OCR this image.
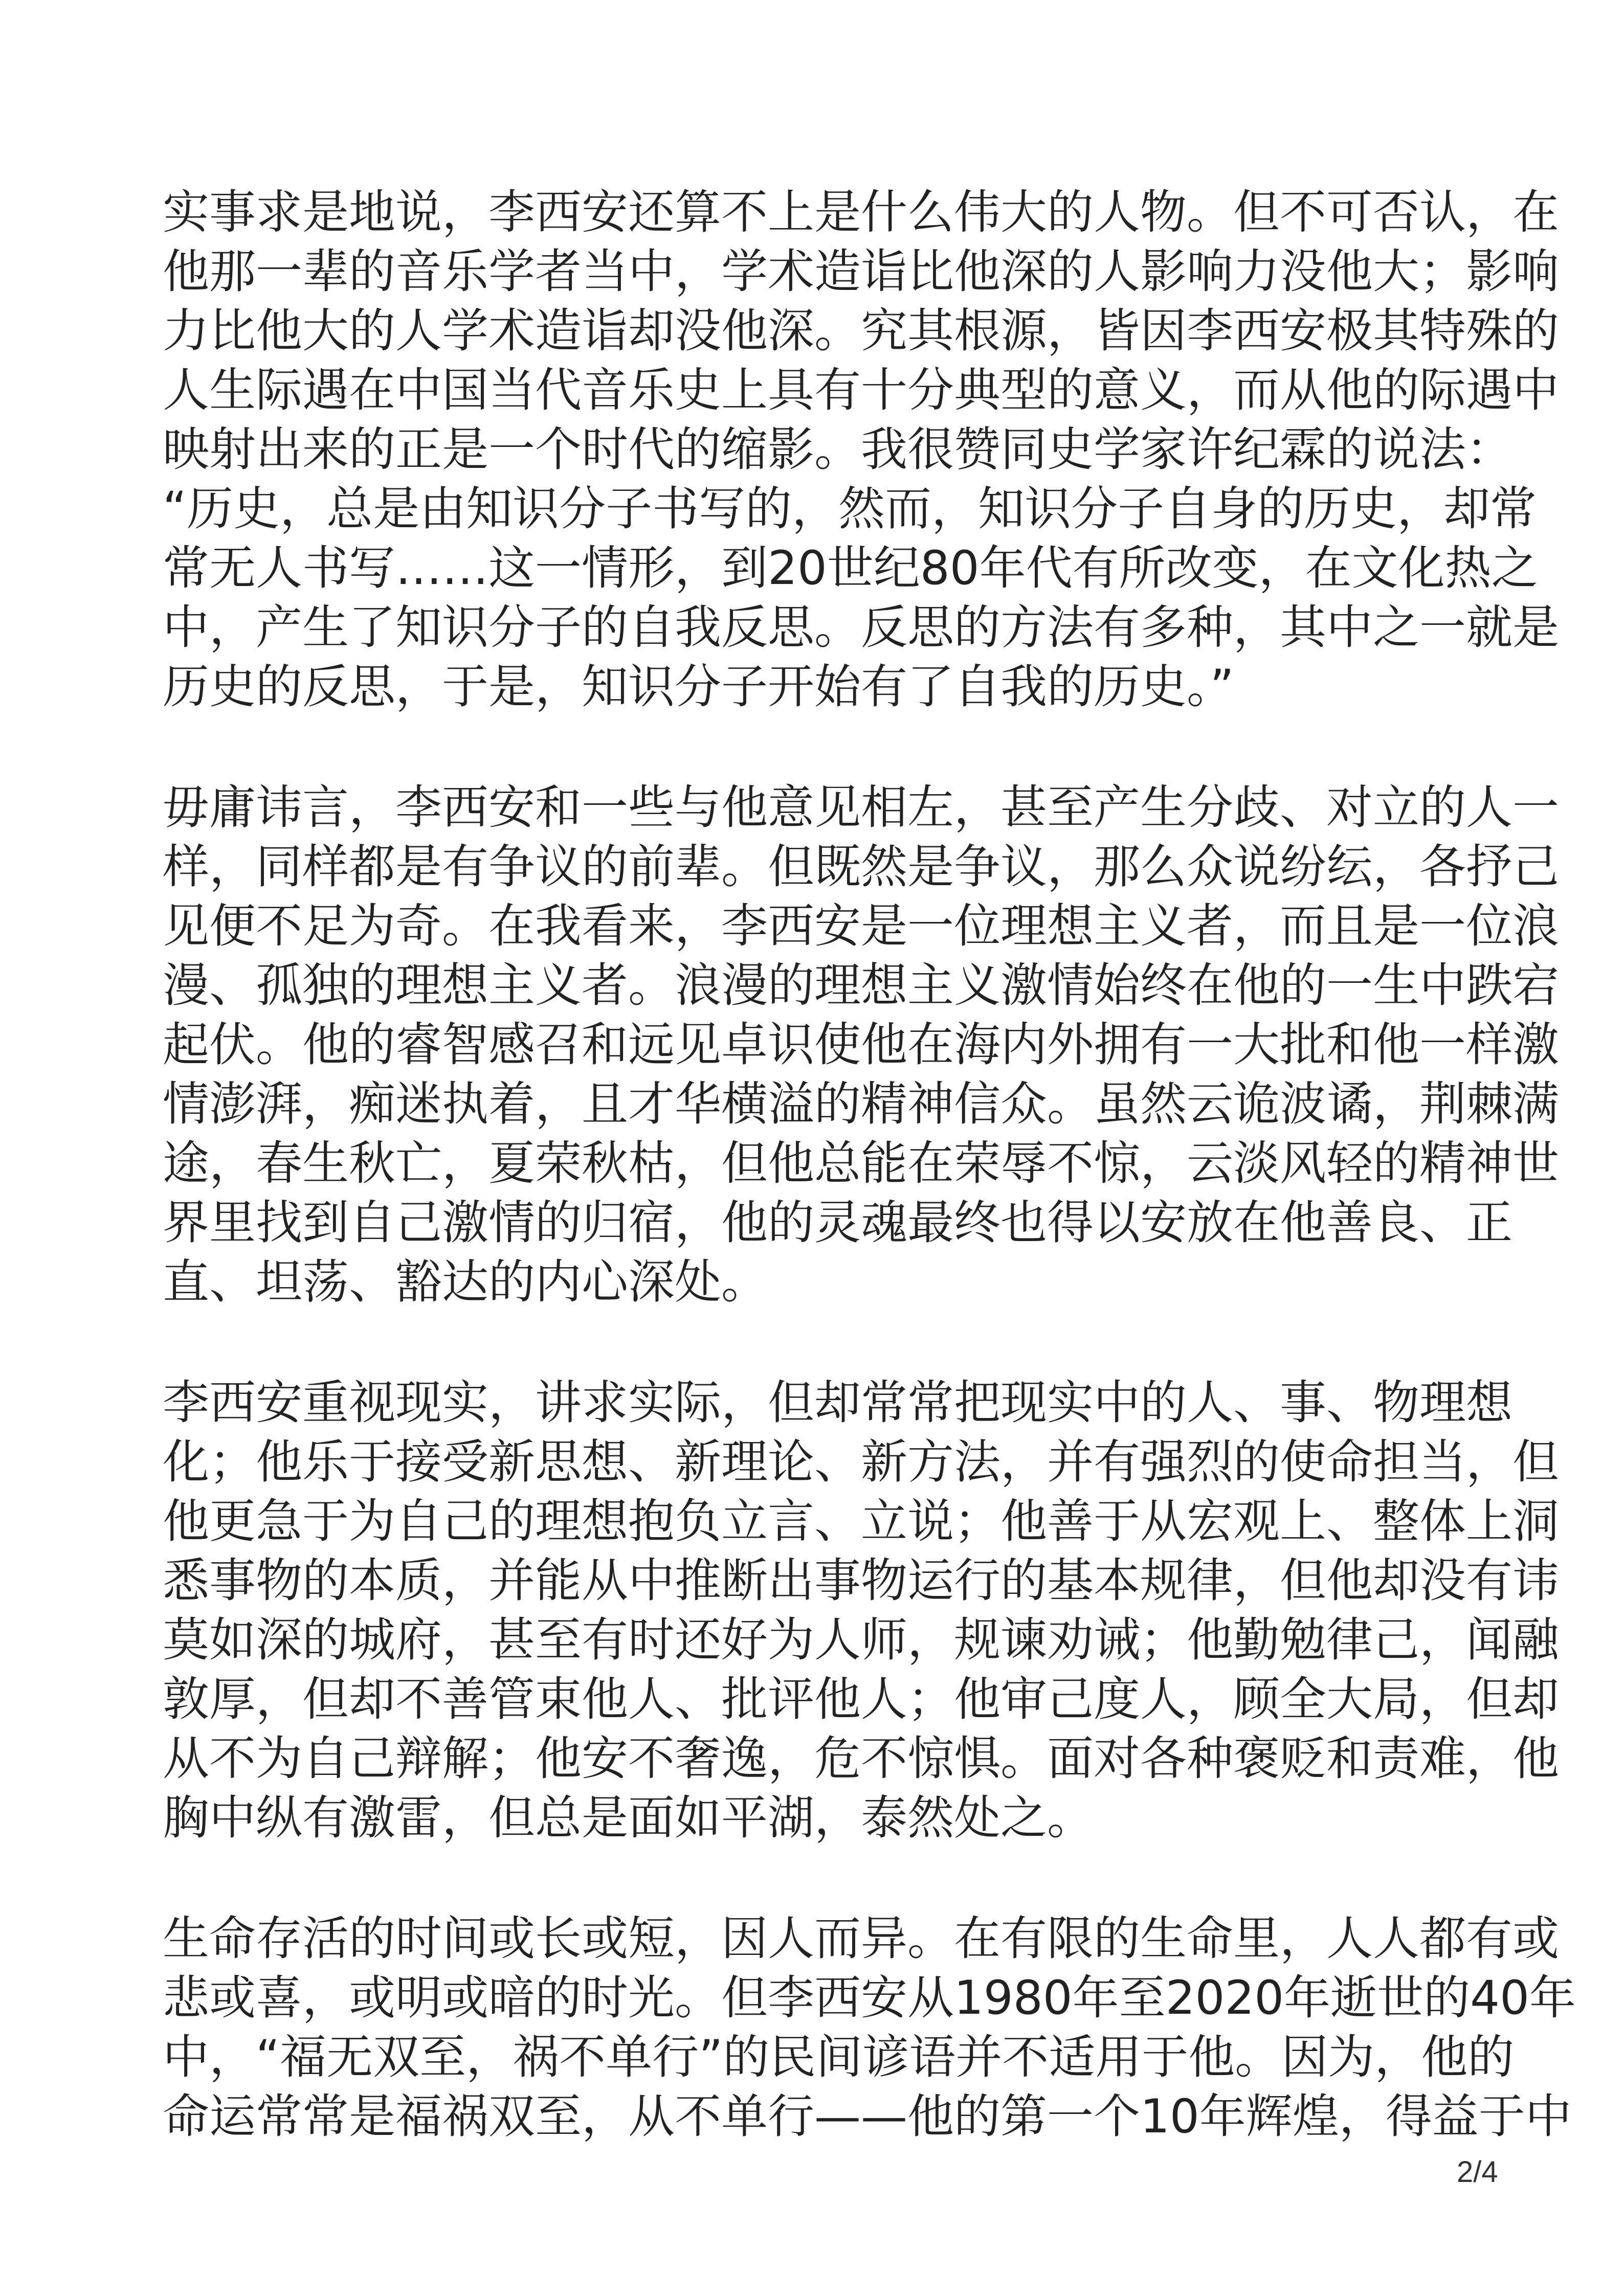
实事求是地说，李西安还算不上是什么伟大的人物。但不可否认，在
他那一辈的音乐学者当中，学术造诣比他深的人影响力没他大；影响
力比他大的人学术造诣却没他深。究其根源，皆因李西安极其特殊的
人生际遇在中国当代音乐史上具有十分典型的意义，而从他的际遇中
映射出来的正是一个时代的缩影。我很赞同史学家许纪霖的说法：
“历史，总是由知识分子书写的，然而，知识分子自身的历史，却常
常无人书写……这一情形，到20世纪80年代有所改变，在文化热之
中，产生了知识分子的自我反思。反思的方法有多种，其中之一就是
历史的反思，于是，知识分子开始有了自我的历史。”

毋庸讳言，李西安和一些与他意见相左，甚至产生分歧、对立的人一
样，同样都是有争议的前辈。但既然是争议，那么众说纷纭，各抒己
见便不足为奇。在我看来，李西安是一位理想主义者，而且是一位浪
漫、孤独的理想主义者。浪漫的理想主义激情始终在他的一生中跌宕
起伏。他的睿智感召和远见卓识使他在海内外拥有一大批和他一样激
情澎湃，痴迷执着，且才华横溢的精神信众。虽然云诡波谲，荆棘满
途，春生秋亡，夏荣秋枯，但他总能在荣辱不惊，云淡风轻的精神世
界里找到自己激情的归宿，他的灵魂最终也得以安放在他善良、正
直、坦荡、豁达的内心深处。

李西安重视现实，讲求实际，但却常常把现实中的人、事、物理想
化；他乐于接受新思想、新理论、新方法，并有强烈的使命担当，但
他更急于为自己的理想抱负立言、立说；他善于从宏观上、整体上洞
悉事物的本质，并能从中推断出事物运行的基本规律，但他却没有讳
莫如深的城府，甚至有时还好为人师，规谏劝诫；他勤勉律己，闻融
敦厚，但却不善管束他人、批评他人；他审己度人，顾全大局，但却
从不为自己辩解；他安不奢逸，危不惊惧。面对各种褒贬和责难，他
胸中纵有激雷，但总是面如平湖，泰然处之。

生命存活的时间或长或短，因人而异。在有限的生命里，人人都有或
悲或喜，或明或暗的时光。但李西安从1980年至2020年逝世的40年
中，“福无双至，祸不单行”的民间谚语并不适用于他。因为，他的
命运常常是福祸双至，从不单行——他的第一个10年辉煌，得益于中

2/4
